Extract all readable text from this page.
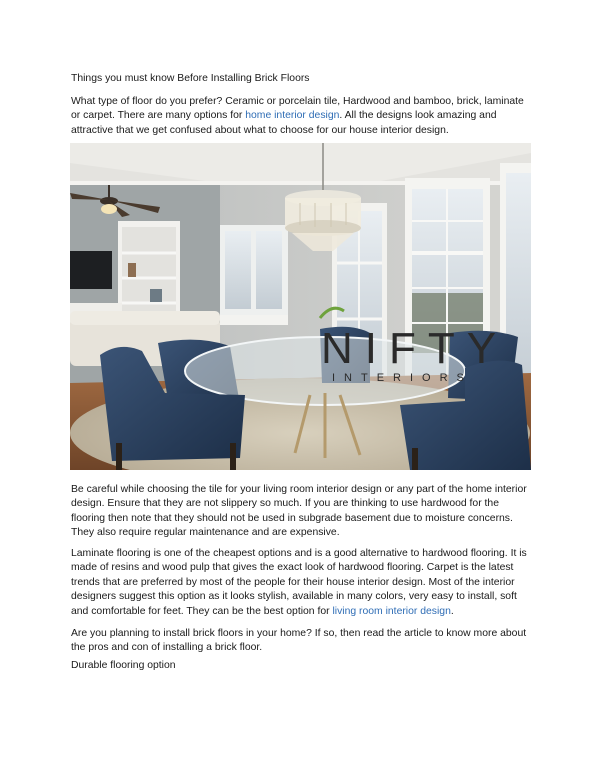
Things you must know Before Installing Brick Floors
What type of floor do you prefer? Ceramic or porcelain tile, Hardwood and bamboo, brick, laminate or carpet. There are many options for home interior design. All the designs look amazing and attractive that we get confused about what to choose for our house interior design.
NIFTY
INTERIORS
Be careful while choosing the tile for your living room interior design or any part of the home interior design. Ensure that they are not slippery so much. If you are thinking to use hardwood for the flooring then note that they should not be used in subgrade basement due to moisture concerns. They also require regular maintenance and are expensive.
Laminate flooring is one of the cheapest options and is a good alternative to hardwood flooring. It is made of resins and wood pulp that gives the exact look of hardwood flooring. Carpet is the latest trends that are preferred by most of the people for their house interior design. Most of the interior designers suggest this option as it looks stylish, available in many colors, very easy to install, soft and comfortable for feet. They can be the best option for living room interior design.
Are you planning to install brick floors in your home? If so, then read the article to know more about the pros and con of installing a brick floor.
Durable flooring option
